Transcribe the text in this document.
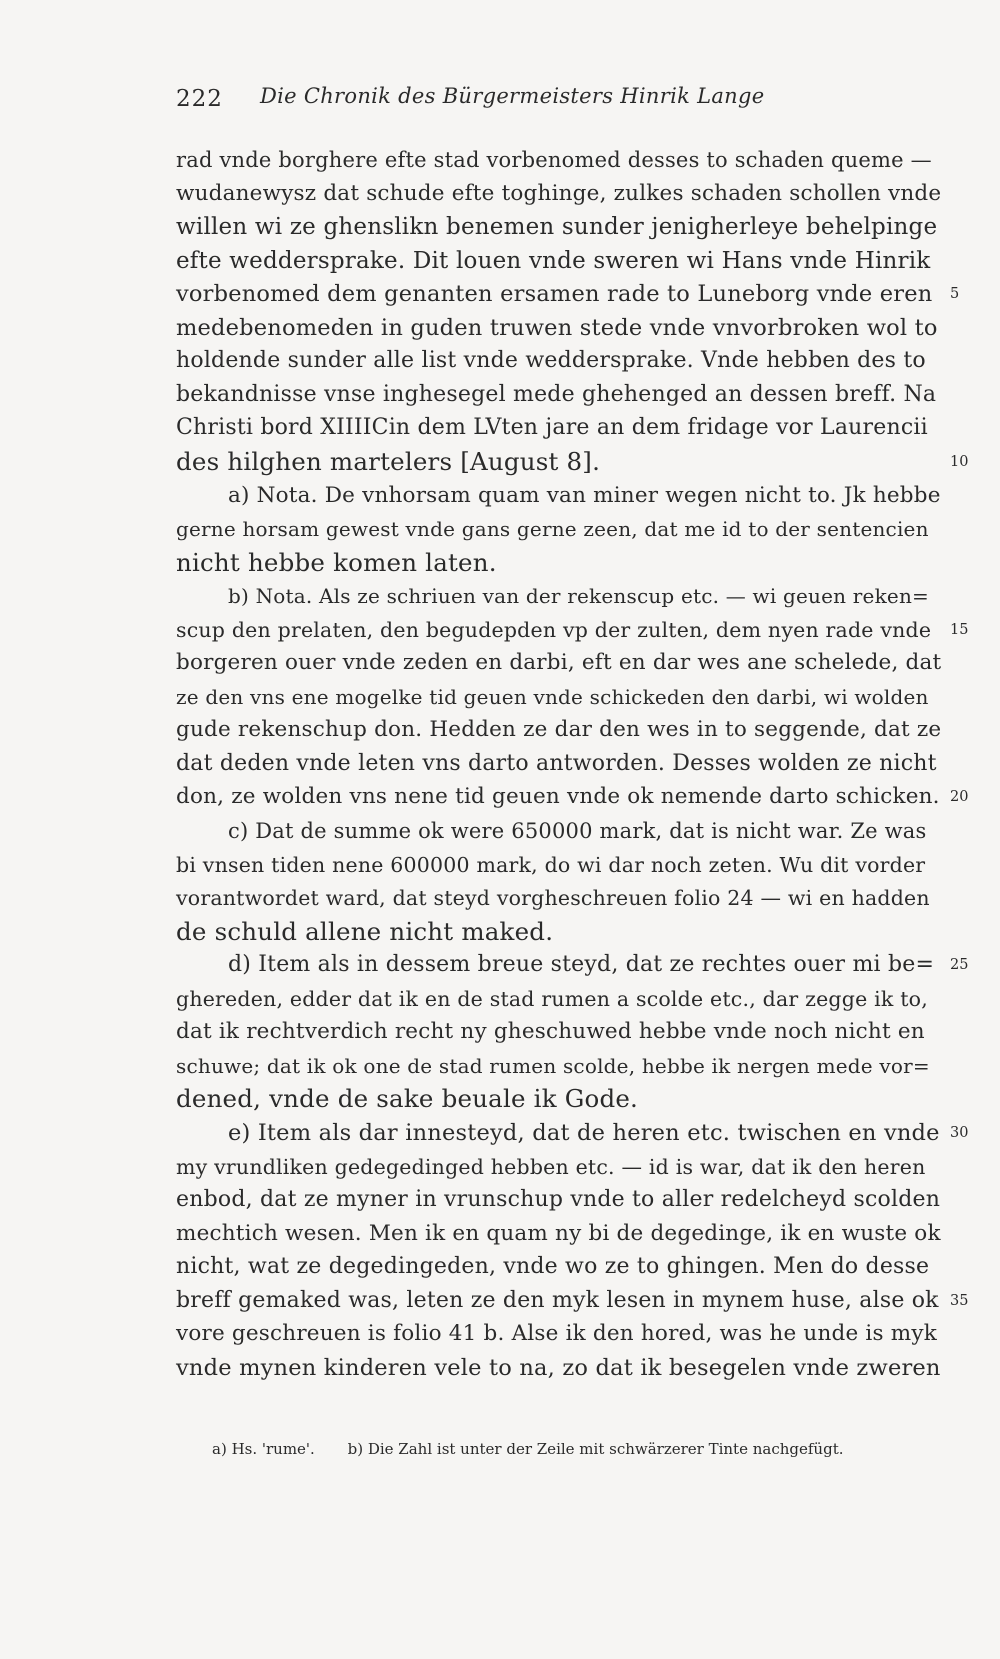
222 Die Chronik des Bürgermeisters Hinrik Lange
rad vnde borghere efte stad vorbenomed desses to schaden queme —
wudanewysz dat schude efte toghinge, zulkes schaden schollen vnde
willen wi ze ghenslikn benemen sunder jenigherleye behelpinge
efte weddersprake. Dit louen vnde sweren wi Hans vnde Hinrik
vorbenomed dem genanten ersamen rade to Luneborg vnde eren
medebenomeden in guden truwen stede vnde vnvorbroken wol to
holdende sunder alle list vnde weddersprake. Vnde hebben des to
bekandnisse vnse inghesegel mede ghehenged an dessen breff. Na
Christi bord XIIIICin dem LVten jare an dem fridage vor Laurencii
des hilghen martelers [August 8].
a) Nota. De vnhorsam quam van miner wegen nicht to. Jk hebbe
gerne horsam gewest vnde gans gerne zeen, dat me id to der sentencien
nicht hebbe komen laten.
b) Nota. Als ze schriuen van der rekenscup etc. — wi geuen reken=
scup den prelaten, den begudерden vp der zulten, dem nyen rade vnde
borgeren ouer vnde zeden en darbi, eft en dar wes ane schelede, dat
ze den vns ene mogelke tid geuen vnde schickeden den darbi, wi wolden
gude rekenschup don. Hedden ze dar den wes in to seggende, dat ze
dat deden vnde leten vns darto antworden. Desses wolden ze nicht
don, ze wolden vns nene tid geuen vnde ok nemende darto schicken.
c) Dat de summe ok were 650000 mark, dat is nicht war. Ze was
bi vnsen tiden nene 600000 mark, do wi dar noch zeten. Wu dit vorder
vorantwordet ward, dat steyd vorgheschreuen folio 24 — wi en hadden
de schuld allene nicht maked.
d) Item als in dessem breue steyd, dat ze rechtes ouer mi be=
ghereden, edder dat ik en de stad rumen a scolde etc., dar zegge ik to,
dat ik rechtverdich recht ny gheschuwed hebbe vnde noch nicht en
schuwe; dat ik ok one de stad rumen scolde, hebbe ik nergen mede vor=
dened, vnde de sake beuale ik Gode.
e) Item als dar innesteyd, dat de heren etc. twischen en vnde
my vrundliken gedegedinged hebben etc. — id is war, dat ik den heren
enbod, dat ze myner in vrunschup vnde to aller redelcheyd scolden
mechtich wesen. Men ik en quam ny bi de degedinge, ik en wuste ok
nicht, wat ze degedingeden, vnde wo ze to ghingen. Men do desse
breff gemaked was, leten ze den myk lesen in mynem huse, alse ok
vore geschreuen is folio 41 b. Alse ik den hored, was he unde is myk
vnde mynen kinderen vele to na, zo dat ik besegelen vnde zweren
5
10
15
20
25
30
35
a) Hs. 'rume'. b) Die Zahl ist unter der Zeile mit schwärzerer Tinte nachgefügt.
